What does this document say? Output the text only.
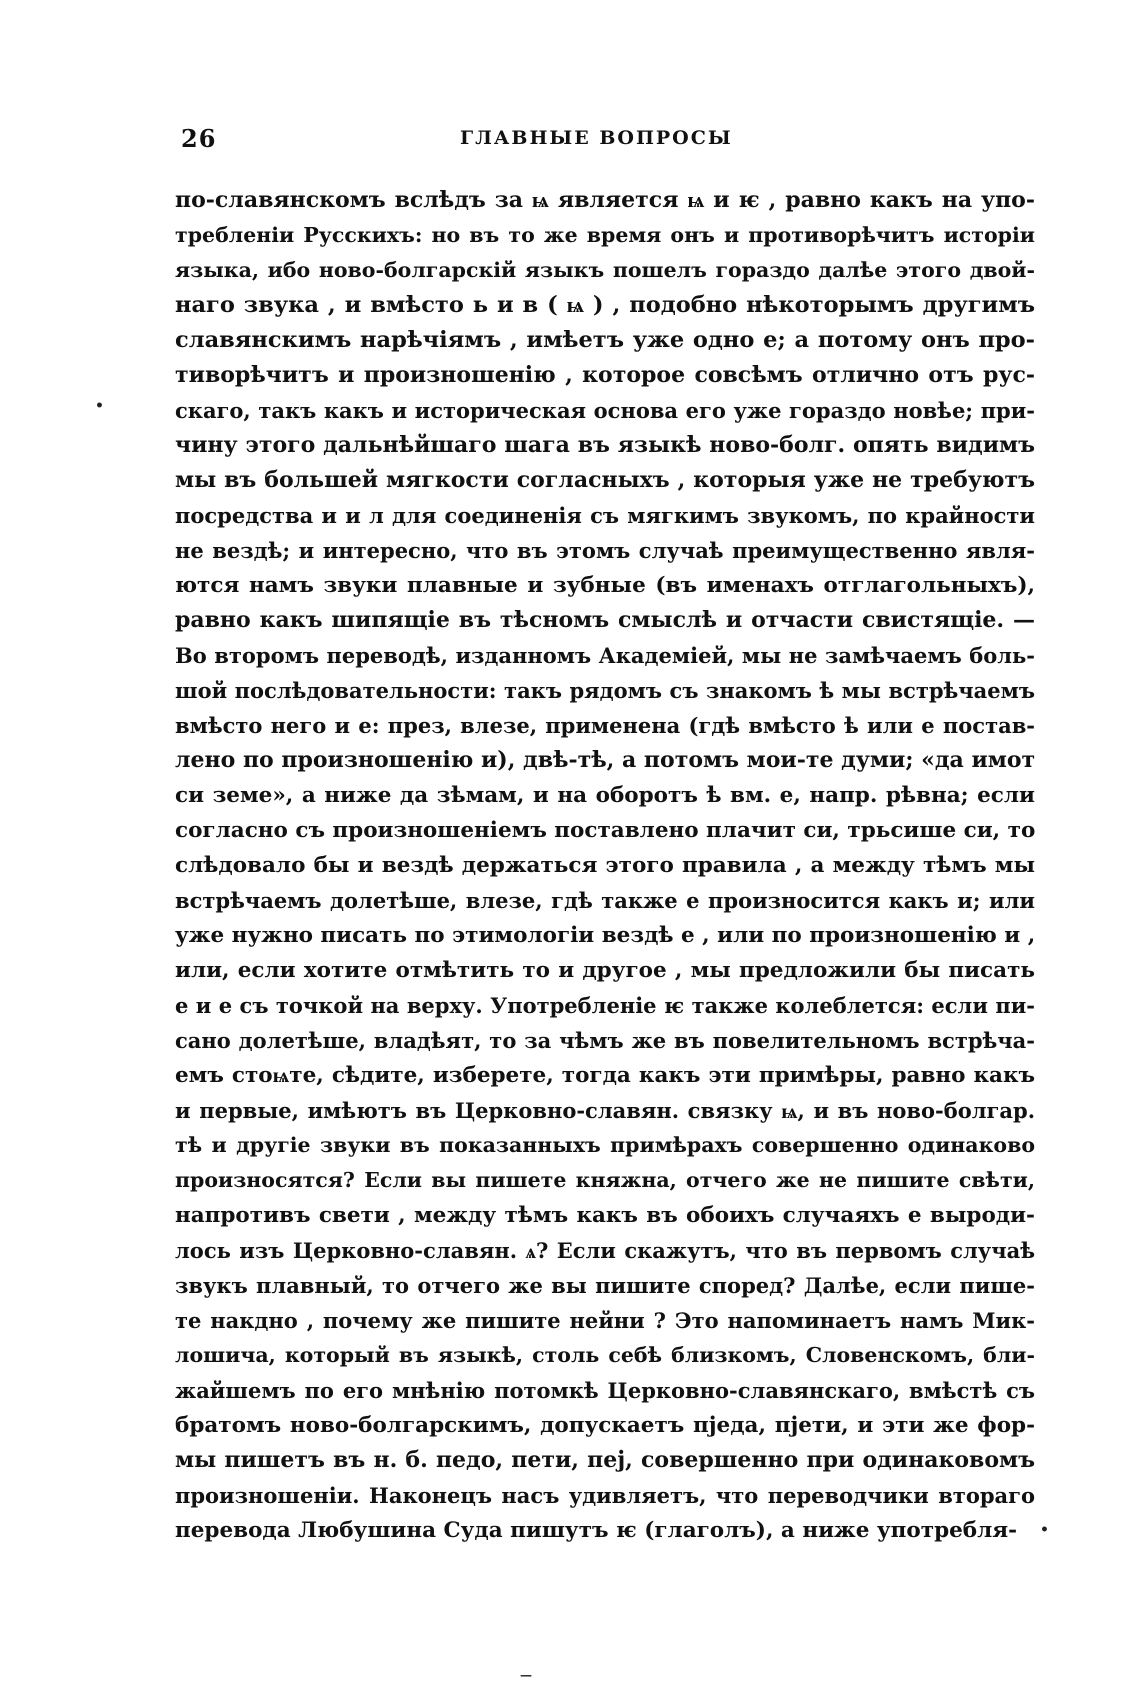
26	ГЛАВНЫЕ ВОПРОСЫ
•
по-славянскомъ вслѣдъ за ѩ является ѩ и ѥ , равно какъ на упо-
требленіи Русскихъ: но въ то же время онъ и противорѣчитъ исторіи
языка, ибо ново-болгарскій языкъ пошелъ гораздо далѣе этого двой-
наго звука , и вмѣсто ь и в ( ѩ ) , подобно нѣкоторымъ другимъ
славянскимъ нарѣчіямъ , имѣетъ уже одно е; а потому онъ про-
тиворѣчитъ и произношенію , которое совсѣмъ отлично отъ рус-
скаго, такъ какъ и историческая основа его уже гораздо новѣе; при-
чину этого дальнѣйшаго шага въ языкѣ ново-болг. опять видимъ
мы въ большей мягкости согласныхъ , которыя уже не требуютъ
посредства и и л для соединенія съ мягкимъ звукомъ, по крайности
не вездѣ; и интересно, что въ этомъ случаѣ преимущественно явля-
ются намъ звуки плавные и зубные (въ именахъ отглагольныхъ),
равно какъ шипящіе въ тѣсномъ смыслѣ и отчасти свистящіе. —
Во второмъ переводѣ, изданномъ Академіей, мы не замѣчаемъ боль-
шой послѣдовательности: такъ рядомъ съ знакомъ ѣ мы встрѣчаемъ
вмѣсто него и е: през, влезе, применена (гдѣ вмѣсто ѣ или е постав-
лено по произношенію и), двѣ-тѣ, а потомъ мои-те думи; «да имот
си земе», а ниже да зѣмам, и на оборотъ ѣ вм. е, напр. рѣвна; если
согласно съ произношеніемъ поставлено плачит си, трьсише си, то
слѣдовало бы и вездѣ держаться этого правила , а между тѣмъ мы
встрѣчаемъ долетѣше, влезе, гдѣ также е произносится какъ и; или
уже нужно писать по этимологіи вездѣ е , или по произношенію и ,
или, если хотите отмѣтить то и другое , мы предложили бы писать
е и е съ точкой на верху. Употребленіе ѥ также колеблется: если пи-
сано долетѣше, владѣят, то за чѣмъ же въ повелительномъ встрѣча-
емъ стоѩте, сѣдите, изберете, тогда какъ эти примѣры, равно какъ
и первые, имѣютъ въ Церковно-славян. связку ѩ, и въ ново-болгар.
тѣ и другіе звуки въ показанныхъ примѣрахъ совершенно одинаково
произносятся? Если вы пишете княжна, отчего же не пишите свѣти,
напротивъ свети , между тѣмъ какъ въ обоихъ случаяхъ е выроди-
лось изъ Церковно-славян. ѧ? Если скажутъ, что въ первомъ случаѣ
звукъ плавный, то отчего же вы пишите според? Далѣе, если пише-
те накдно , почему же пишите нейни ? Это напоминаетъ намъ Мик-
лошича, который въ языкѣ, столь себѣ близкомъ, Словенскомъ, бли-
жайшемъ по его мнѣнію потомкѣ Церковно-славянскаго, вмѣстѣ съ
братомъ ново-болгарскимъ, допускаетъ пједа, пјети, и эти же фор-
мы пишетъ въ н. б. педо, пети, пеј, совершенно при одинаковомъ
произношеніи. Наконецъ насъ удивляетъ, что переводчики втораго
перевода Любушина Суда пишутъ ѥ (глаголъ), а ниже употребля-	•
—
